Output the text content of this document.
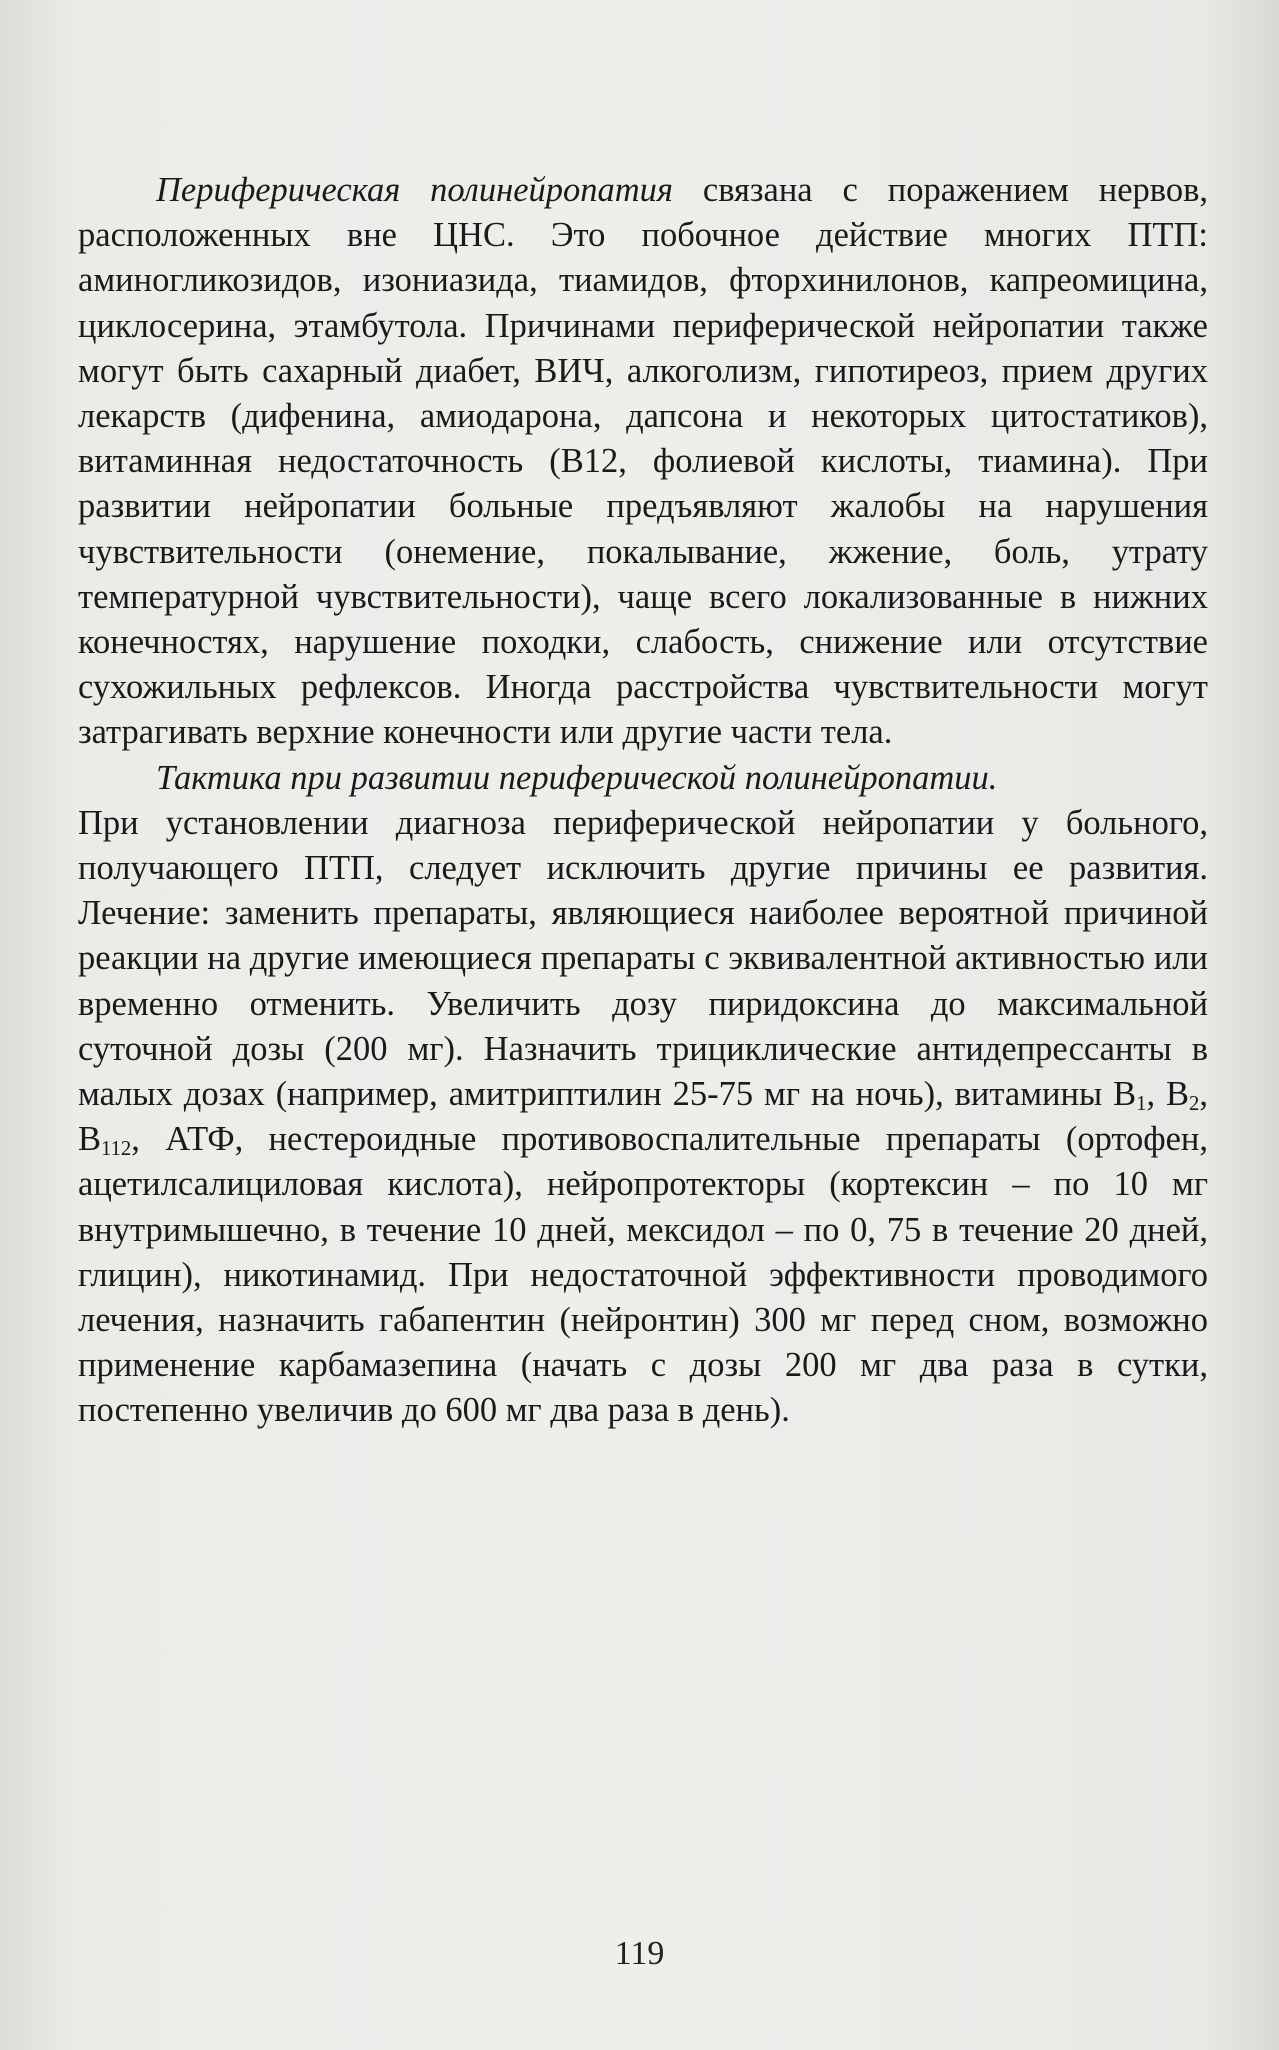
Периферическая полинейропатия связана с поражением нервов, расположенных вне ЦНС. Это побочное действие многих ПТП: аминогликозидов, изониазида, тиамидов, фторхинилонов, капреомицина, циклосерина, этамбутола. Причинами периферической нейропатии также могут быть сахарный диабет, ВИЧ, алкоголизм, гипотиреоз, прием других лекарств (дифенина, амиодарона, дапсона и некоторых цитостатиков), витаминная недостаточность (В12, фолиевой кислоты, тиамина). При развитии нейропатии больные предъявляют жалобы на нарушения чувствительности (онемение, покалывание, жжение, боль, утрату температурной чувствительности), чаще всего локализованные в нижних конечностях, нарушение походки, слабость, снижение или отсутствие сухожильных рефлексов. Иногда расстройства чувствительности могут затрагивать верхние конечности или другие части тела.

Тактика при развитии периферической полинейропатии.

При установлении диагноза периферической нейропатии у больного, получающего ПТП, следует исключить другие причины ее развития. Лечение: заменить препараты, являющиеся наиболее вероятной причиной реакции на другие имеющиеся препараты с эквивалентной активностью или временно отменить. Увеличить дозу пиридоксина до максимальной суточной дозы (200 мг). Назначить трициклические антидепрессанты в малых дозах (например, амитриптилин 25-75 мг на ночь), витамины $В_1$, $В_2$, $В_{112}$, АТФ, нестероидные противовоспалительные препараты (ортофен, ацетилсалициловая кислота), нейропротекторы (кортексин – по 10 мг внутримышечно, в течение 10 дней, мексидол – по 0, 75 в течение 20 дней, глицин), никотинамид. При недостаточной эффективности проводимого лечения, назначить габапентин (нейронтин) 300 мг перед сном, возможно применение карбамазепина (начать с дозы 200 мг два раза в сутки, постепенно увеличив до 600 мг два раза в день).

119
